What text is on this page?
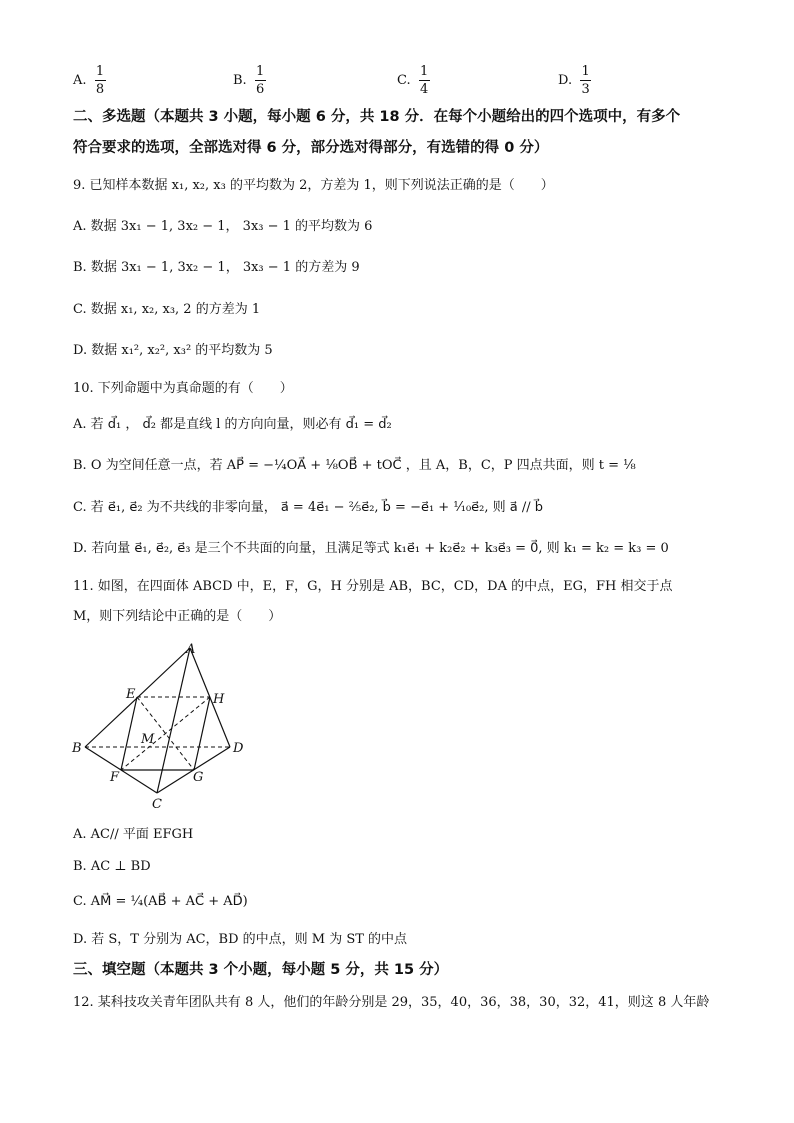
A. $\frac{1}{8}$	B. $\frac{1}{6}$	C. $\frac{1}{4}$	D. $\frac{1}{3}$
二、多选题（本题共 3 小题，每小题 6 分，共 18 分．在每个小题给出的四个选项中，有多个
符合要求的选项，全部选对得 6 分，部分选对得部分，有选错的得 0 分）
9. 已知样本数据 x₁, x₂, x₃ 的平均数为 2，方差为 1，则下列说法正确的是（　　）
A. 数据 3x₁ − 1, 3x₂ − 1， 3x₃ − 1 的平均数为 6
B. 数据 3x₁ − 1, 3x₂ − 1， 3x₃ − 1 的方差为 9
C. 数据 x₁, x₂, x₃, 2 的方差为 1
D. 数据 x₁², x₂², x₃² 的平均数为 5
10. 下列命题中为真命题的有（　　）
A. 若 d⃗₁ ， d⃗₂ 都是直线 l 的方向向量，则必有 d⃗₁ = d⃗₂
B. O 为空间任意一点，若 AP⃗ = −¼OA⃗ + ⅛OB⃗ + tOC⃗ ，且 A，B，C，P 四点共面，则 t = ⅛
C. 若 e⃗₁, e⃗₂ 为不共线的非零向量， a⃗ = 4e⃗₁ − ⅖e⃗₂, b⃗ = −e⃗₁ + ⅒e⃗₂, 则 a⃗ // b⃗
D. 若向量 e⃗₁, e⃗₂, e⃗₃ 是三个不共面的向量，且满足等式 k₁e⃗₁ + k₂e⃗₂ + k₃e⃗₃ = 0⃗, 则 k₁ = k₂ = k₃ = 0
11. 如图，在四面体 ABCD 中，E，F，G，H 分别是 AB，BC，CD，DA 的中点，EG，FH 相交于点
M，则下列结论中正确的是（　　）
A
B
C
D
E
F	G
H
M
A. AC// 平面 EFGH
B. AC ⊥ BD
C. AM⃗ = ¼(AB⃗ + AC⃗ + AD⃗)
D. 若 S，T 分别为 AC，BD 的中点，则 M 为 ST 的中点
三、填空题（本题共 3 个小题，每小题 5 分，共 15 分）
12. 某科技攻关青年团队共有 8 人，他们的年龄分别是 29，35，40，36，38，30，32，41，则这 8 人年龄
